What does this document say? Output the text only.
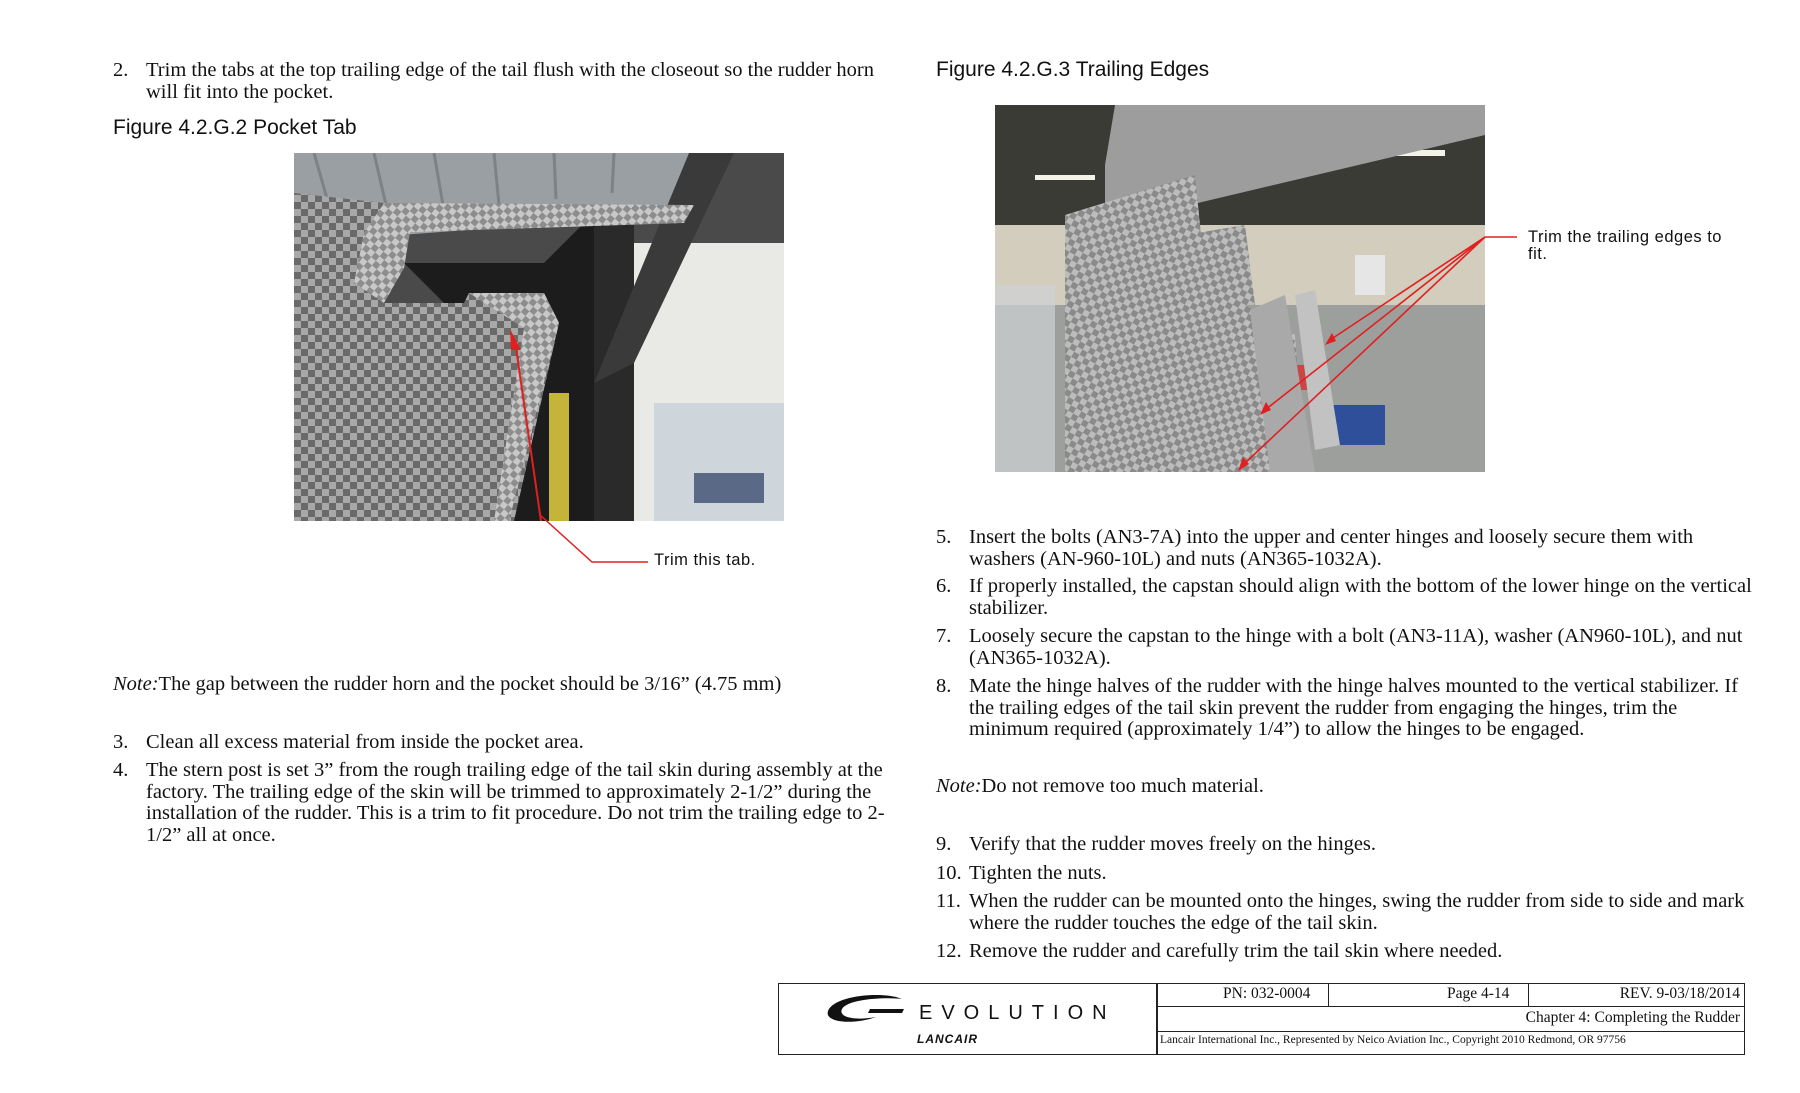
2. Trim the tabs at the top trailing edge of the tail flush with the closeout so the rudder horn will fit into the pocket.
Figure 4.2.G.2 Pocket Tab
Trim this tab.
Note:The gap between the rudder horn and the pocket should be 3/16” (4.75 mm)
3. Clean all excess material from inside the pocket area.
4. The stern post is set 3” from the rough trailing edge of the tail skin during assembly at the factory. The trailing edge of the skin will be trimmed to approximately 2-1/2” during the installation of the rudder. This is a trim to fit procedure. Do not trim the trailing edge to 2-1/2” all at once.
Figure 4.2.G.3 Trailing Edges
Trim the trailing edges to fit.
5. Insert the bolts (AN3-7A) into the upper and center hinges and loosely secure them with washers (AN-960-10L) and nuts (AN365-1032A).
6. If properly installed, the capstan should align with the bottom of the lower hinge on the vertical stabilizer.
7. Loosely secure the capstan to the hinge with a bolt (AN3-11A), washer (AN960-10L), and nut (AN365-1032A).
8. Mate the hinge halves of the rudder with the hinge halves mounted to the vertical stabilizer. If the trailing edges of the tail skin prevent the rudder from engaging the hinges, trim the minimum required (approximately 1/4”) to allow the hinges to be engaged.
Note:Do not remove too much material.
9. Verify that the rudder moves freely on the hinges.
10. Tighten the nuts.
11. When the rudder can be mounted onto the hinges, swing the rudder from side to side and mark where the rudder touches the edge of the tail skin.
12. Remove the rudder and carefully trim the tail skin where needed.
EVOLUTION
LANCAIR
PN: 032-0004	Page 4-14	REV. 9-03/18/2014
Chapter 4: Completing the Rudder
Lancair International Inc., Represented by Neico Aviation Inc., Copyright 2010 Redmond, OR 97756
